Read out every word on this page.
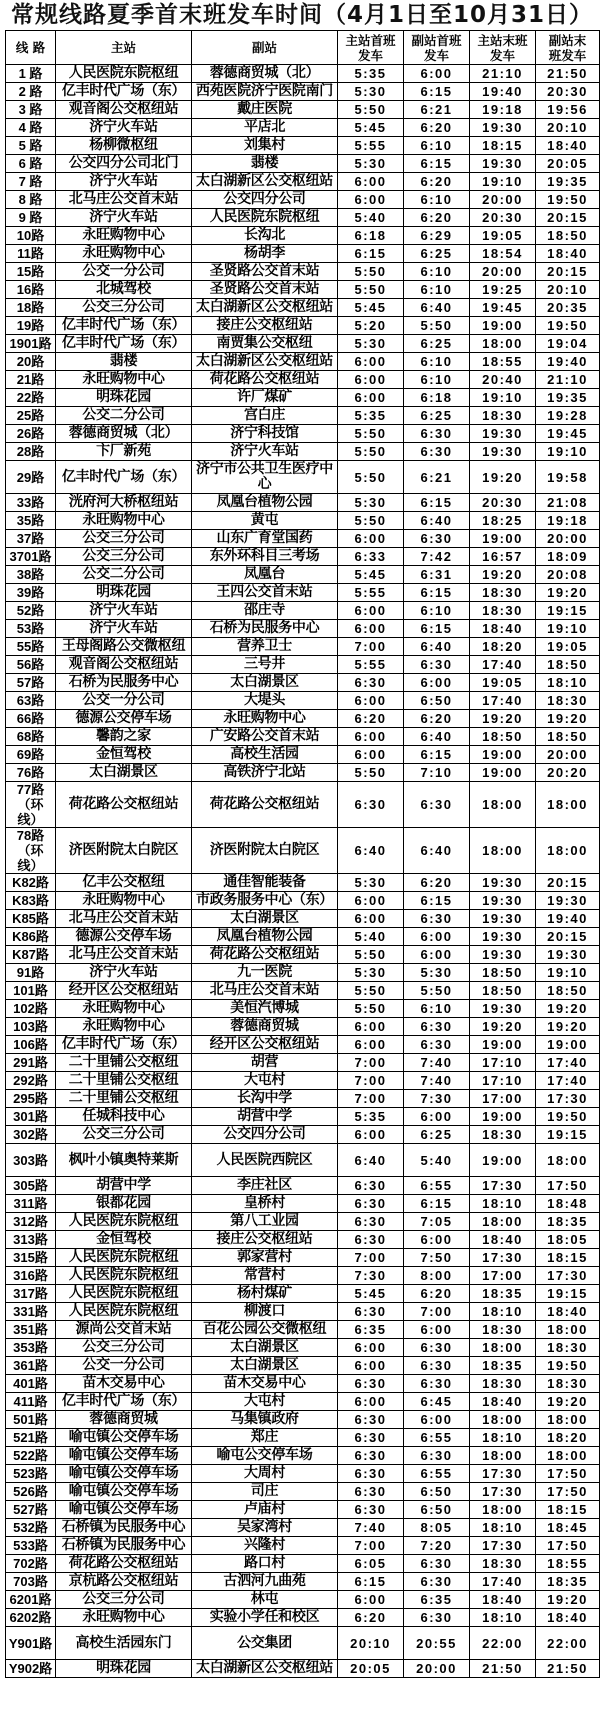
常规线路夏季首末班发车时间（4月1日至10月31日）
线 路	主站	副站	主站首班发车	副站首班发车	主站末班发车	副站末班发车
1 路	人民医院东院枢纽	蓉德商贸城（北）	5:35	6:00	21:10	21:50
2 路	亿丰时代广场（东）	西苑医院济宁医院南门	5:30	6:15	19:40	20:30
3 路	观音阁公交枢纽站	戴庄医院	5:50	6:21	19:18	19:56
4 路	济宁火车站	平店北	5:45	6:20	19:30	20:10
5 路	杨柳微枢纽	刘集村	5:55	6:10	18:15	18:40
6 路	公交四分公司北门	翡楼	5:30	6:15	19:30	20:05
7 路	济宁火车站	太白湖新区公交枢纽站	6:00	6:20	19:10	19:35
8 路	北马庄公交首末站	公交四分公司	6:00	6:10	20:00	19:50
9 路	济宁火车站	人民医院东院枢纽	5:40	6:20	20:30	20:15
10路	永旺购物中心	长沟北	6:18	6:29	19:05	18:50
11路	永旺购物中心	杨胡李	6:15	6:25	18:54	18:40
15路	公交一分公司	圣贤路公交首末站	5:50	6:10	20:00	20:15
16路	北城驾校	圣贤路公交首末站	5:50	6:10	19:25	20:10
18路	公交三分公司	太白湖新区公交枢纽站	5:45	6:40	19:45	20:35
19路	亿丰时代广场（东）	接庄公交枢纽站	5:20	5:50	19:00	19:50
1901路	亿丰时代广场（东）	南贾集公交枢纽	5:30	6:25	18:00	19:04
20路	翡楼	太白湖新区公交枢纽站	6:00	6:10	18:55	19:40
21路	永旺购物中心	荷花路公交枢纽站	6:00	6:10	20:40	21:10
22路	明珠花园	许厂煤矿	6:00	6:18	19:10	19:35
25路	公交二分公司	宫白庄	5:35	6:25	18:30	19:28
26路	蓉德商贸城（北）	济宁科技馆	5:50	6:30	19:30	19:45
28路	卞厂新苑	济宁火车站	5:50	6:30	19:30	19:10
29路	亿丰时代广场（东）	济宁市公共卫生医疗中心	5:50	6:21	19:20	19:58
33路	洸府河大桥枢纽站	凤凰台植物公园	5:30	6:15	20:30	21:08
35路	永旺购物中心	黄屯	5:50	6:40	18:25	19:18
37路	公交三分公司	山东广育堂国药	6:00	6:30	19:00	20:00
3701路	公交三分公司	东外环科目三考场	6:33	7:42	16:57	18:09
38路	公交二分公司	凤凰台	5:45	6:31	19:20	20:08
39路	明珠花园	王四公交首末站	5:55	6:15	18:30	19:20
52路	济宁火车站	邵庄寺	6:00	6:10	18:30	19:15
53路	济宁火车站	石桥为民服务中心	6:00	6:15	18:40	19:10
55路	王母阁路公交微枢纽	营养卫士	7:00	6:40	18:20	19:05
56路	观音阁公交枢纽站	三号井	5:55	6:30	17:40	18:50
57路	石桥为民服务中心	太白湖景区	6:30	6:00	19:05	18:10
63路	公交一分公司	大堤头	6:00	6:50	17:40	18:30
66路	德源公交停车场	永旺购物中心	6:20	6:20	19:20	19:20
68路	馨韵之家	广安路公交首末站	6:00	6:40	18:50	18:50
69路	金恒驾校	高校生活园	6:00	6:15	19:00	20:00
76路	太白湖景区	高铁济宁北站	5:50	7:10	19:00	20:20
77路（环线）	荷花路公交枢纽站	荷花路公交枢纽站	6:30	6:30	18:00	18:00
78路（环线）	济医附院太白院区	济医附院太白院区	6:40	6:40	18:00	18:00
K82路	亿丰公交枢纽	通佳智能装备	5:30	6:20	19:30	20:15
K83路	永旺购物中心	市政务服务中心（东）	6:00	6:15	19:30	19:30
K85路	北马庄公交首末站	太白湖景区	6:00	6:30	19:30	19:40
K86路	德源公交停车场	凤凰台植物公园	5:40	6:00	19:30	20:15
K87路	北马庄公交首末站	荷花路公交枢纽站	5:50	6:00	19:30	19:30
91路	济宁火车站	九一医院	5:30	5:30	18:50	19:10
101路	经开区公交枢纽站	北马庄公交首末站	5:50	5:50	18:50	18:50
102路	永旺购物中心	美恒汽博城	5:50	6:10	19:30	19:20
103路	永旺购物中心	蓉德商贸城	6:00	6:30	19:20	19:20
106路	亿丰时代广场（东）	经开区公交枢纽站	6:00	6:30	19:00	19:00
291路	二十里铺公交枢纽	胡营	7:00	7:40	17:10	17:40
292路	二十里铺公交枢纽	大屯村	7:00	7:40	17:10	17:40
295路	二十里铺公交枢纽	长沟中学	7:00	7:30	17:00	17:30
301路	任城科技中心	胡营中学	5:35	6:00	19:00	19:50
302路	公交三分公司	公交四分公司	6:00	6:25	18:30	19:15
303路	枫叶小镇奥特莱斯	人民医院西院区	6:40	5:40	19:00	18:00
305路	胡营中学	李庄社区	6:30	6:55	17:30	17:50
311路	银都花园	皇桥村	6:30	6:15	18:10	18:48
312路	人民医院东院枢纽	第八工业园	6:30	7:05	18:00	18:35
313路	金恒驾校	接庄公交枢纽站	6:30	6:00	18:40	18:05
315路	人民医院东院枢纽	郭家营村	7:00	7:50	17:30	18:15
316路	人民医院东院枢纽	常营村	7:30	8:00	17:00	17:30
317路	人民医院东院枢纽	杨村煤矿	5:45	6:20	18:35	19:15
331路	人民医院东院枢纽	柳渡口	6:30	7:00	18:10	18:40
351路	源尚公交首末站	百花公园公交微枢纽	6:35	6:00	18:30	18:00
353路	公交三分公司	太白湖景区	6:00	6:30	18:00	18:30
361路	公交一分公司	太白湖景区	6:00	6:30	18:35	19:50
401路	苗木交易中心	苗木交易中心	6:30	6:30	18:30	18:30
411路	亿丰时代广场（东）	大屯村	6:00	6:45	18:40	19:20
501路	蓉德商贸城	马集镇政府	6:30	6:00	18:00	18:00
521路	喻屯镇公交停车场	郑庄	6:30	6:55	18:10	18:20
522路	喻屯镇公交停车场	喻屯公交停车场	6:30	6:30	18:00	18:00
523路	喻屯镇公交停车场	大周村	6:30	6:55	17:30	17:50
526路	喻屯镇公交停车场	司庄	6:30	6:50	17:30	17:50
527路	喻屯镇公交停车场	卢庙村	6:30	6:50	18:00	18:15
532路	石桥镇为民服务中心	吴家湾村	7:40	8:05	18:10	18:45
533路	石桥镇为民服务中心	兴隆村	7:00	7:20	17:30	17:50
702路	荷花路公交枢纽站	路口村	6:05	6:30	18:30	18:55
703路	京杭路公交枢纽站	古泗河九曲苑	6:15	6:30	17:40	18:35
6201路	公交三分公司	林屯	6:00	6:35	18:40	19:20
6202路	永旺购物中心	实验小学任和校区	6:20	6:30	18:10	18:40
Y901路	高校生活园东门	公交集团	20:10	20:55	22:00	22:00
Y902路	明珠花园	太白湖新区公交枢纽站	20:05	20:00	21:50	21:50
